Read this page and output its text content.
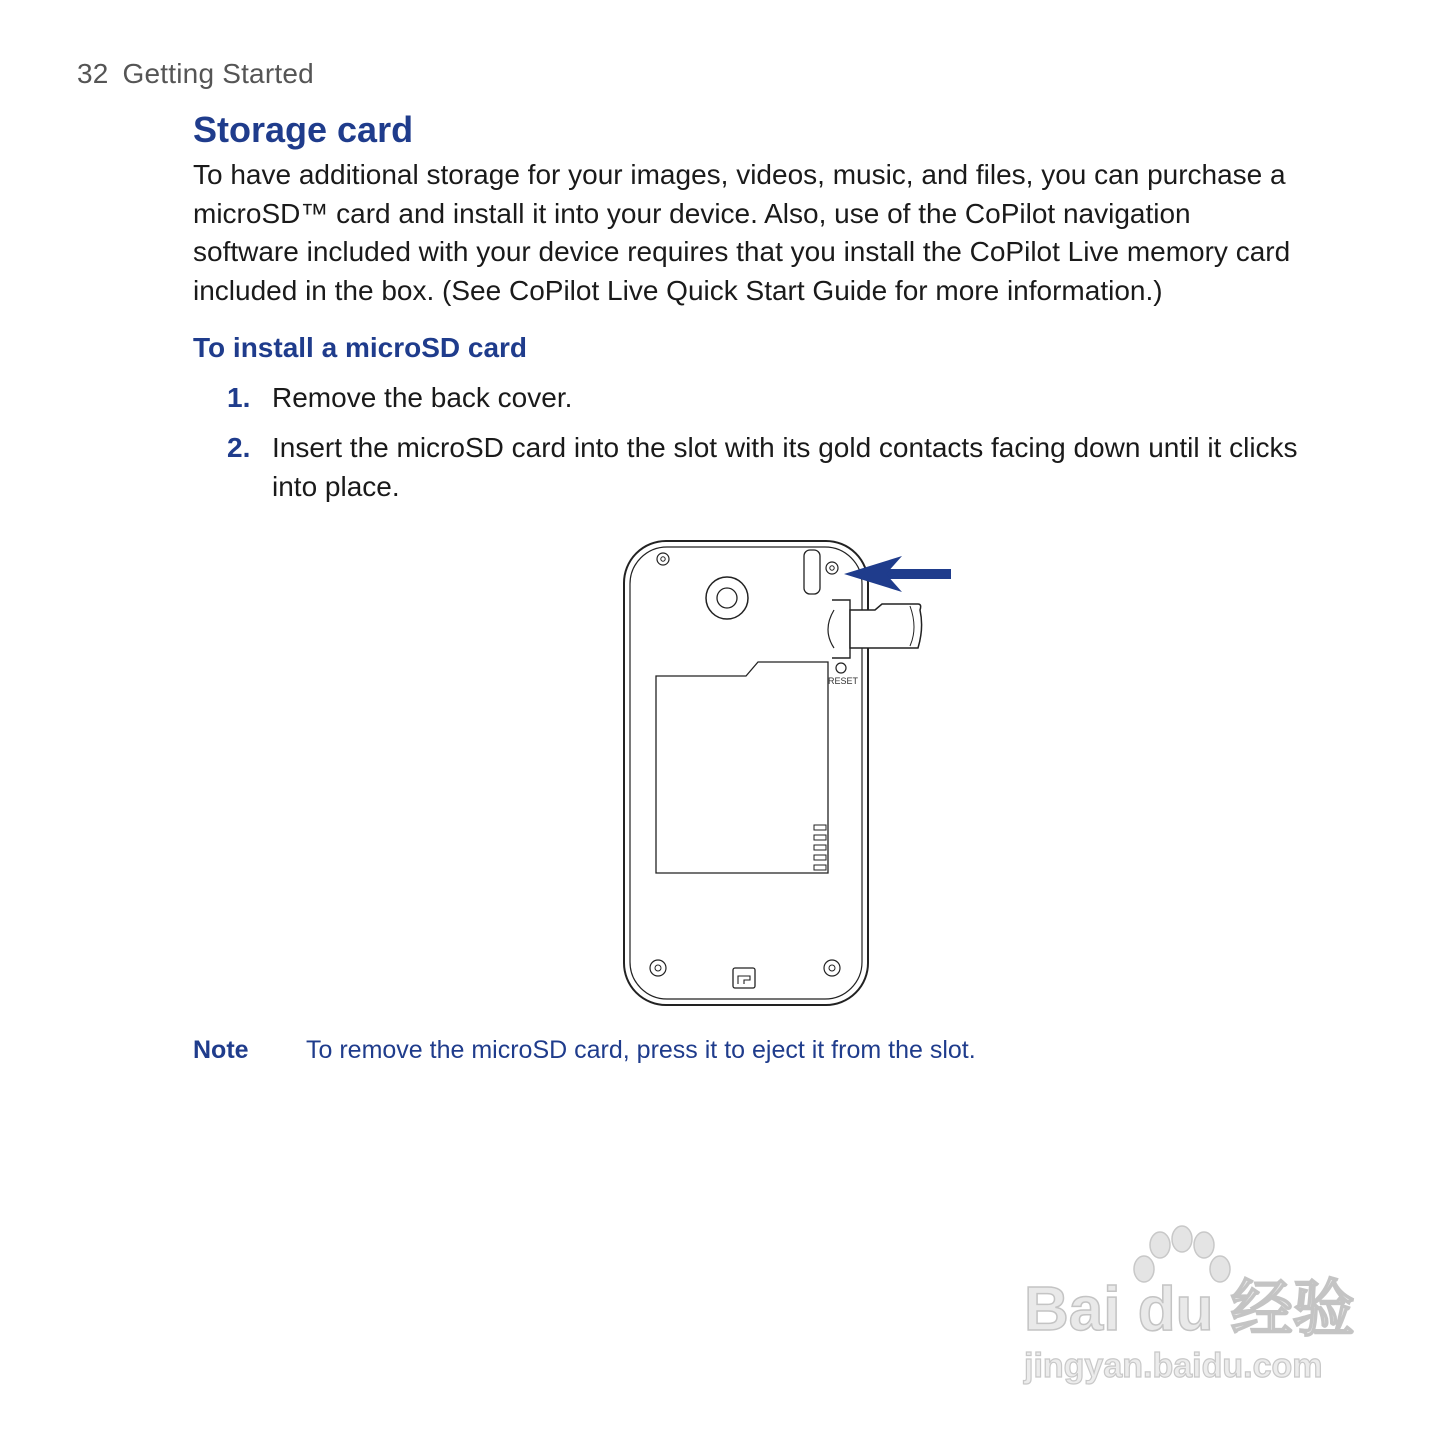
32 Getting Started
Storage card

To have additional storage for your images, videos, music, and files, you can purchase a microSD™ card and install it into your device. Also, use of the CoPilot navigation software included with your device requires that you install the CoPilot Live memory card included in the box. (See CoPilot Live Quick Start Guide for more information.)

To install a microSD card
1. Remove the back cover.
2. Insert the microSD card into the slot with its gold contacts facing down until it clicks into place.
RESET
Note To remove the microSD card, press it to eject it from the slot.
Bai du 经验
jingyan.baidu.com
